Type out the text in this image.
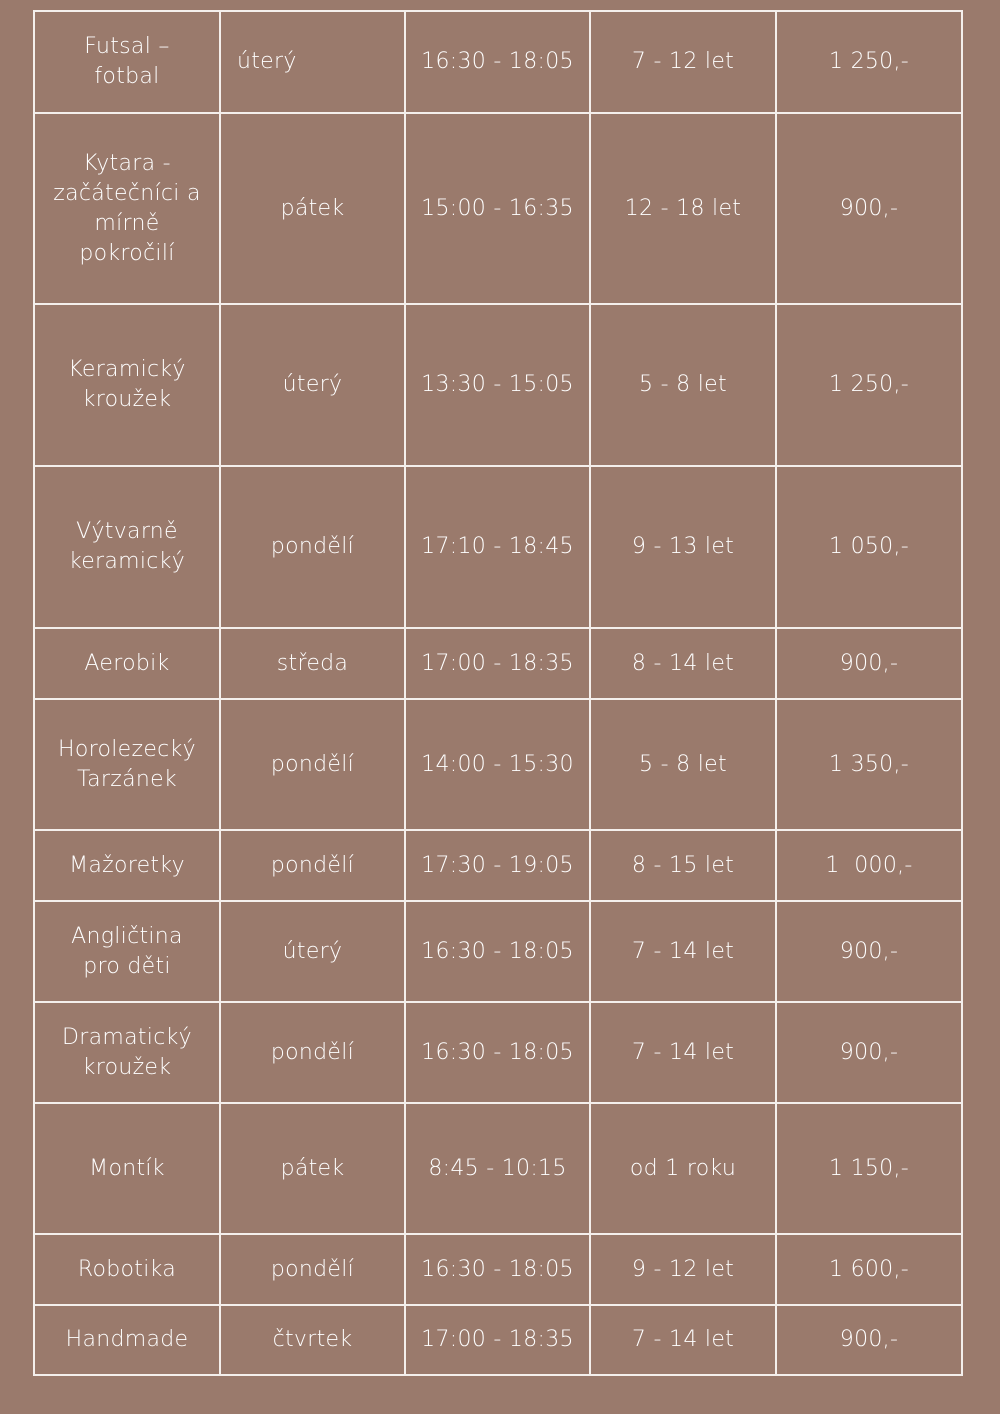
Futsal –
fotbal	úterý	16:30 - 18:05	7 - 12 let	1 250,-
Kytara -
začátečníci a
mírně
pokročilí	pátek	15:00 - 16:35	12 - 18 let	900,-
Keramický
kroužek	úterý	13:30 - 15:05	5 - 8 let	1 250,-
Výtvarně
keramický	pondělí	17:10 - 18:45	9 - 13 let	1 050,-
Aerobik	středa	17:00 - 18:35	8 - 14 let	900,-
Horolezecký
Tarzánek	pondělí	14:00 - 15:30	5 - 8 let	1 350,-
Mažoretky	pondělí	17:30 - 19:05	8 - 15 let	1  000,-
Angličtina
pro děti	úterý	16:30 - 18:05	7 - 14 let	900,-
Dramatický
kroužek	pondělí	16:30 - 18:05	7 - 14 let	900,-
Montík	pátek	8:45 - 10:15	od 1 roku	1 150,-
Robotika	pondělí	16:30 - 18:05	9 - 12 let	1 600,-
Handmade	čtvrtek	17:00 - 18:35	7 - 14 let	900,-
